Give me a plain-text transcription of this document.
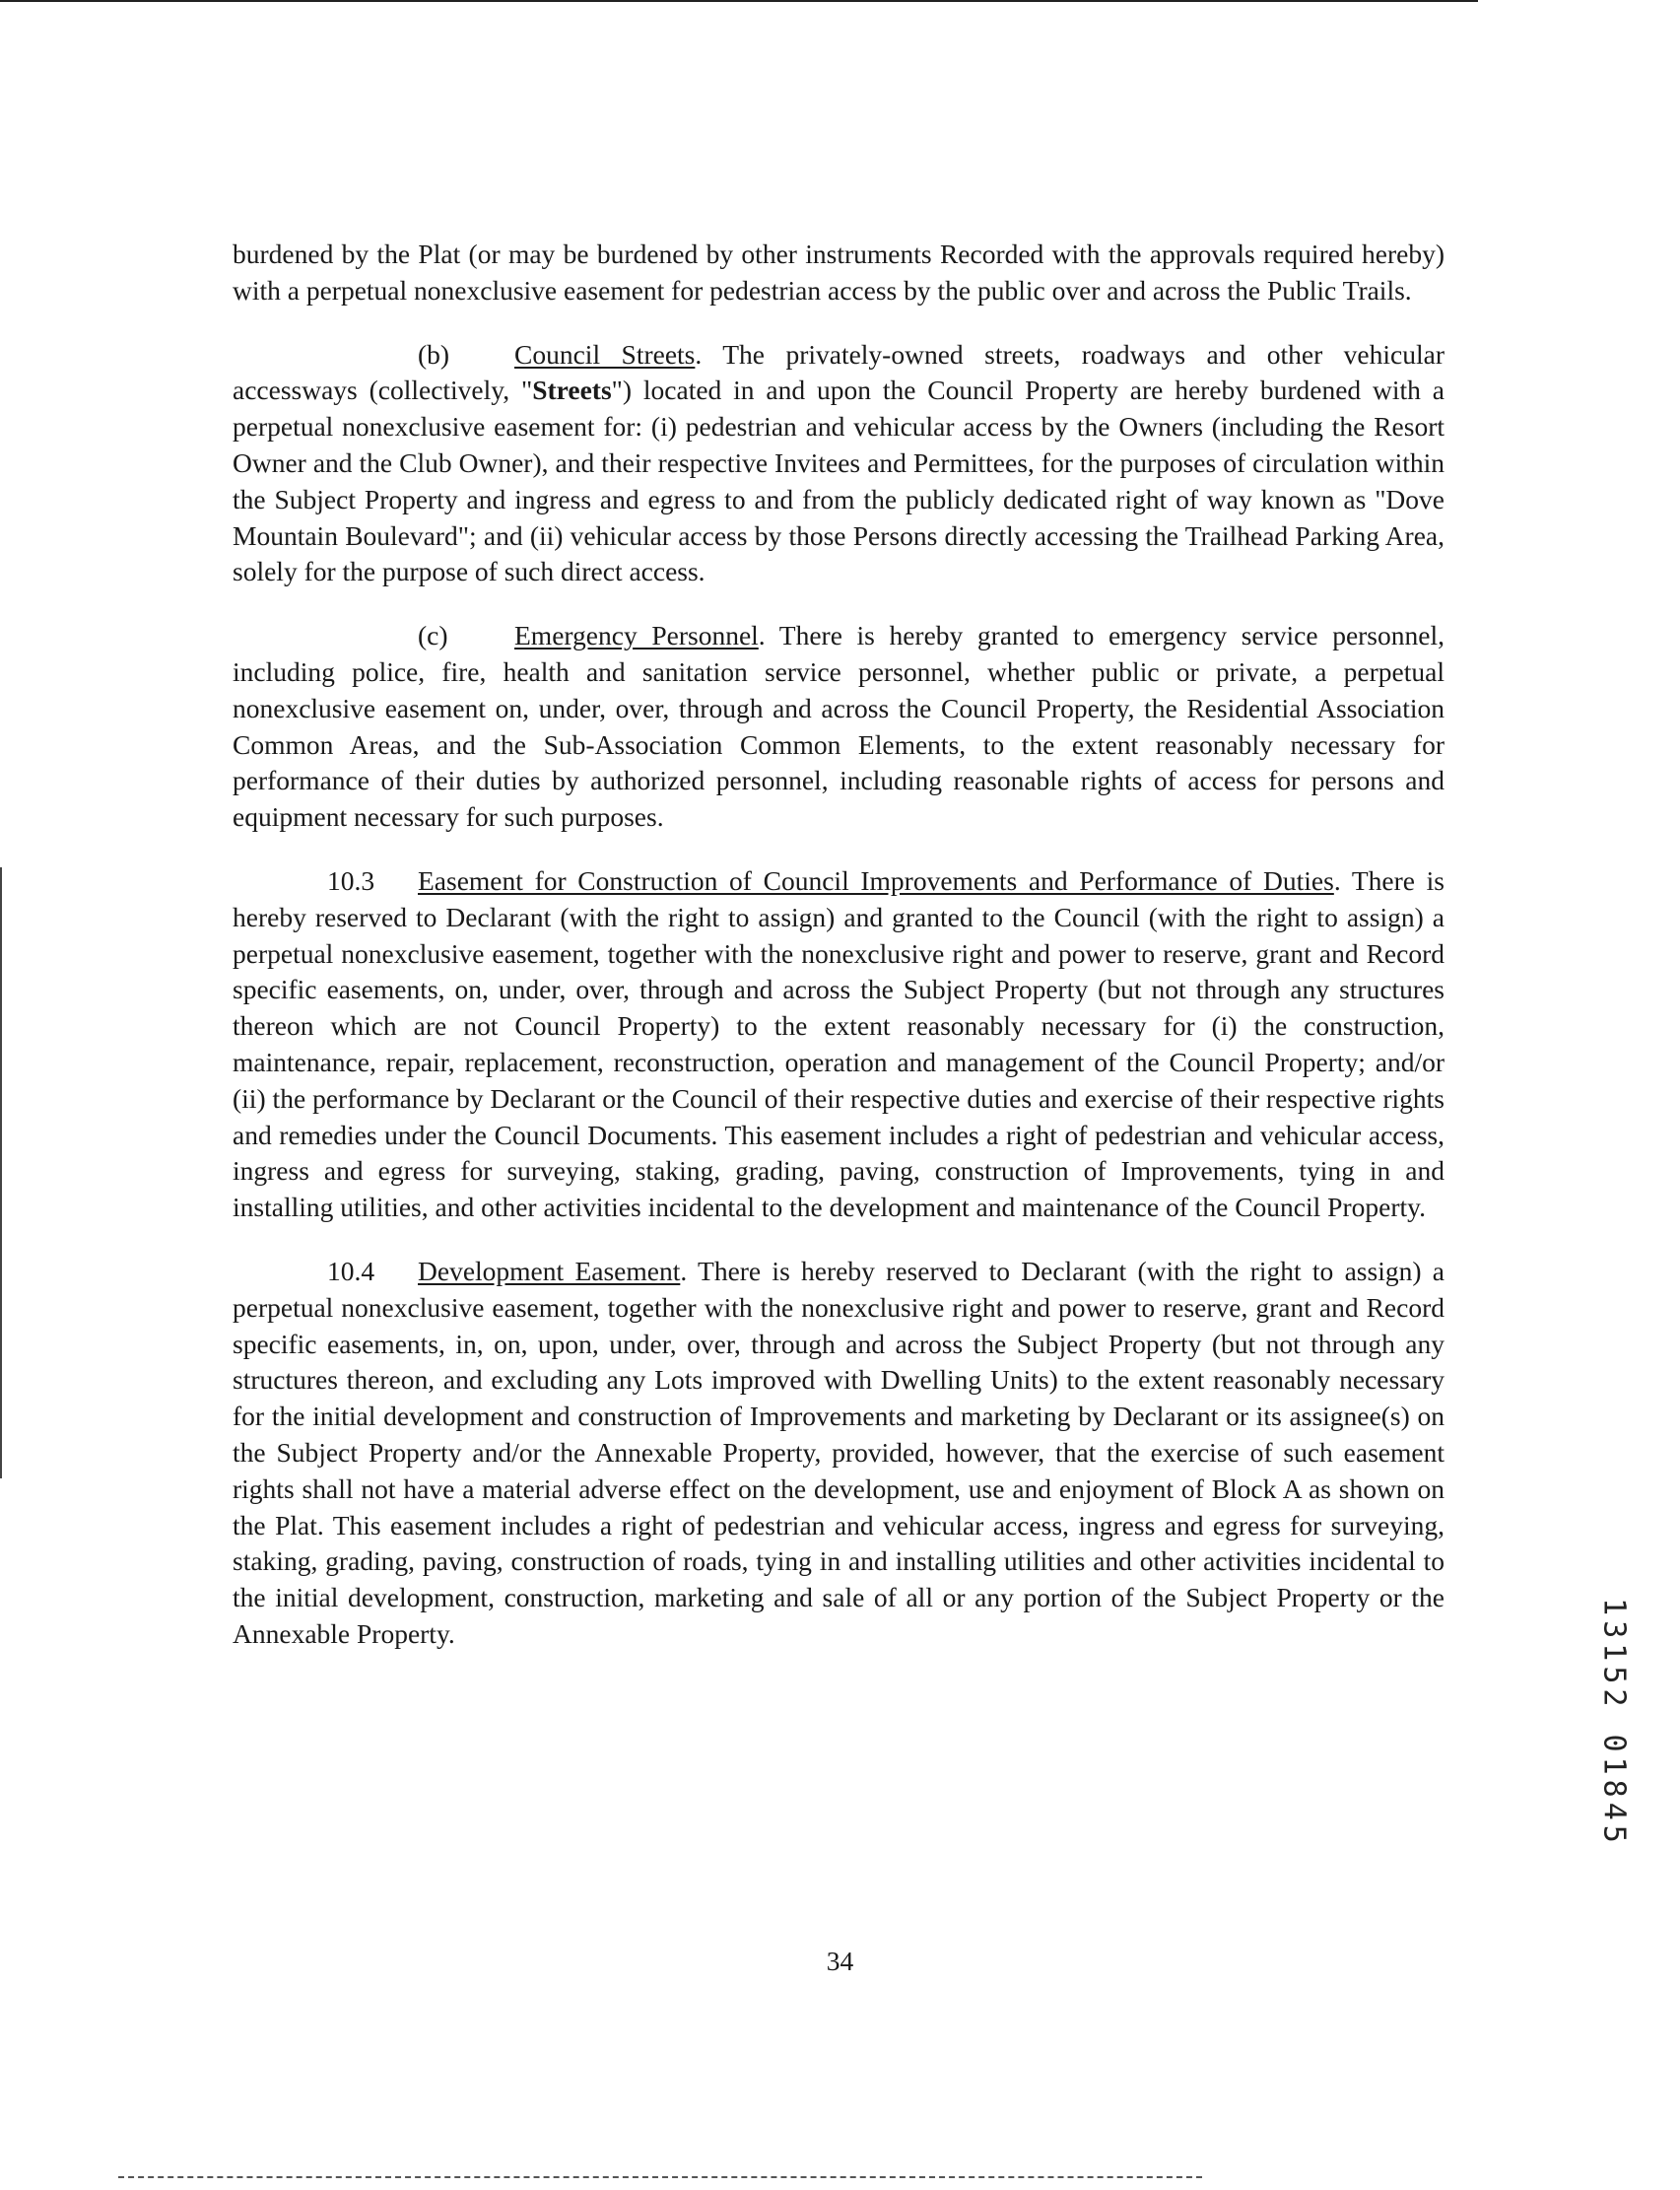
burdened by the Plat (or may be burdened by other instruments Recorded with the approvals required hereby) with a perpetual nonexclusive easement for pedestrian access by the public over and across the Public Trails.

(b) Council Streets. The privately-owned streets, roadways and other vehicular accessways (collectively, "Streets") located in and upon the Council Property are hereby burdened with a perpetual nonexclusive easement for: (i) pedestrian and vehicular access by the Owners (including the Resort Owner and the Club Owner), and their respective Invitees and Permittees, for the purposes of circulation within the Subject Property and ingress and egress to and from the publicly dedicated right of way known as "Dove Mountain Boulevard"; and (ii) vehicular access by those Persons directly accessing the Trailhead Parking Area, solely for the purpose of such direct access.

(c) Emergency Personnel. There is hereby granted to emergency service personnel, including police, fire, health and sanitation service personnel, whether public or private, a perpetual nonexclusive easement on, under, over, through and across the Council Property, the Residential Association Common Areas, and the Sub-Association Common Elements, to the extent reasonably necessary for performance of their duties by authorized personnel, including reasonable rights of access for persons and equipment necessary for such purposes.

10.3 Easement for Construction of Council Improvements and Performance of Duties. There is hereby reserved to Declarant (with the right to assign) and granted to the Council (with the right to assign) a perpetual nonexclusive easement, together with the nonexclusive right and power to reserve, grant and Record specific easements, on, under, over, through and across the Subject Property (but not through any structures thereon which are not Council Property) to the extent reasonably necessary for (i) the construction, maintenance, repair, replacement, reconstruction, operation and management of the Council Property; and/or (ii) the performance by Declarant or the Council of their respective duties and exercise of their respective rights and remedies under the Council Documents. This easement includes a right of pedestrian and vehicular access, ingress and egress for surveying, staking, grading, paving, construction of Improvements, tying in and installing utilities, and other activities incidental to the development and maintenance of the Council Property.

10.4 Development Easement. There is hereby reserved to Declarant (with the right to assign) a perpetual nonexclusive easement, together with the nonexclusive right and power to reserve, grant and Record specific easements, in, on, upon, under, over, through and across the Subject Property (but not through any structures thereon, and excluding any Lots improved with Dwelling Units) to the extent reasonably necessary for the initial development and construction of Improvements and marketing by Declarant or its assignee(s) on the Subject Property and/or the Annexable Property, provided, however, that the exercise of such easement rights shall not have a material adverse effect on the development, use and enjoyment of Block A as shown on the Plat. This easement includes a right of pedestrian and vehicular access, ingress and egress for surveying, staking, grading, paving, construction of roads, tying in and installing utilities and other activities incidental to the initial development, construction, marketing and sale of all or any portion of the Subject Property or the Annexable Property.

34
13152 01845
